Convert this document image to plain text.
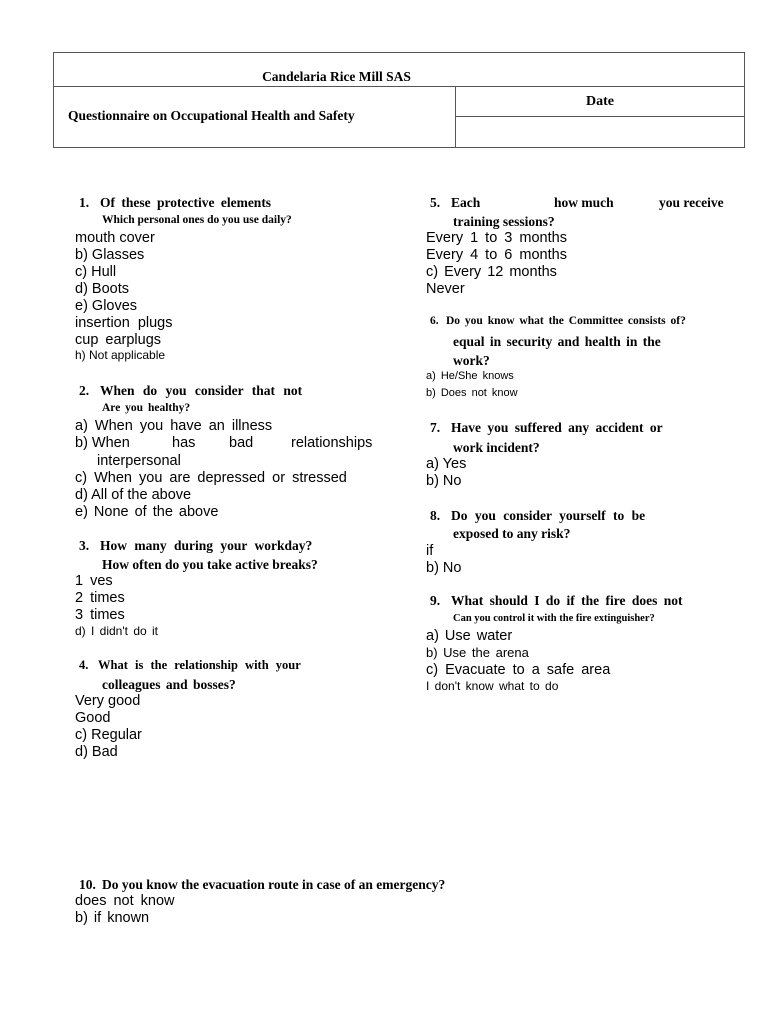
Candelaria Rice Mill SAS
Questionnaire on Occupational Health and Safety
Date
1. Of these protective elements
Which personal ones do you use daily?
mouth cover
b) Glasses
c) Hull
d) Boots
e) Gloves
insertion plugs
cup earplugs
h) Not applicable
2. When do you consider that not
Are you healthy?
a) When you have an illness
b) When	has bad	relationships
interpersonal
c) When you are depressed or stressed
d) All of the above
e) None of the above
3. How many during your workday?
How often do you take active breaks?
1 ves
2 times
3 times
d) I didn't do it
4. What is the relationship with your
colleagues and bosses?
Very good
Good
c) Regular
d) Bad
5. Each	how much	you receive
training sessions?
Every 1 to 3 months
Every 4 to 6 months
c) Every 12 months
Never
6. Do you know what the Committee consists of?
equal in security and health in the
work?
a) He/She knows
b) Does not know
7. Have you suffered any accident or
work incident?
a) Yes
b) No
8. Do you consider yourself to be
exposed to any risk?
if
b) No
9. What should I do if the fire does not
Can you control it with the fire extinguisher?
a) Use water
b) Use the arena
c) Evacuate to a safe area
I don't know what to do
10. Do you know the evacuation route in case of an emergency?
does not know
b) if known
